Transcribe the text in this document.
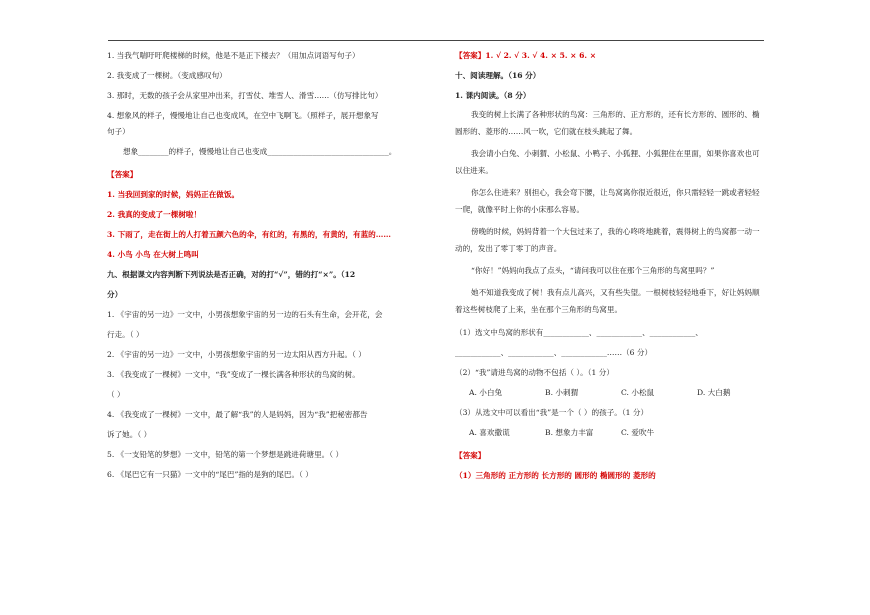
1. 当我气喘吁吁爬楼梯的时候，他是不是正下楼去？（用加点词语写句子）

2. 我变成了一棵树。（变成感叹句）

3. 那时，无数的孩子会从家里冲出来，打雪仗、堆雪人、滑雪……（仿写排比句）

4. 想象风的样子，慢慢地让自己也变成风，在空中飞啊飞。（照样子，展开想象写

句子）

想象________的样子，慢慢地让自己也变成________________________________。

【答案】

1. 当我回到家的时候，妈妈正在做饭。

2. 我真的变成了一棵树啦！

3. 下雨了，走在街上的人打着五颜六色的伞，有红的，有黑的，有黄的，有蓝的……

4. 小鸟 小鸟 在大树上鸣叫

九、根据课文内容判断下列说法是否正确，对的打“√”，错的打“×”。（12

分）

1. 《宇宙的另一边》一文中，小男孩想象宇宙的另一边的石头有生命，会开花，会

行走。（ ）

2. 《宇宙的另一边》一文中，小男孩想象宇宙的另一边太阳从西方升起。（ ）

3. 《我变成了一棵树》一文中，“我”变成了一棵长满各种形状的鸟窝的树。

（ ）

4. 《我变成了一棵树》一文中，最了解“我”的人是妈妈，因为“我”把秘密都告

诉了她。（ ）

5. 《一支铅笔的梦想》一文中，铅笔的第一个梦想是跳进荷塘里。（ ）

6. 《尾巴它有一只猫》一文中的“尾巴”指的是狗的尾巴。（ ）

【答案】1. √ 2. √ 3. √ 4. × 5. × 6. ×

十、阅读理解。（16 分）

1. 课内阅读。（8 分）

我变的树上长满了各种形状的鸟窝：三角形的、正方形的，还有长方形的、圆形的、椭圆形的、菱形的……风一吹，它们就在枝头跳起了舞。

我会请小白兔、小刺猬、小松鼠、小鸭子、小狐狸、小狐狸住在里面，如果你喜欢也可以住进来。

你怎么住进来？别担心，我会弯下腰，让鸟窝离你很近很近，你只需轻轻一跳或者轻轻一爬，就像平时上你的小床那么容易。

傍晚的时候，妈妈背着一个大包过来了，我的心咚咚地跳着，震得树上的鸟窝都一动一动的，发出了零丁零丁的声音。

“你好！”妈妈向我点了点头，“请问我可以住在那个三角形的鸟窝里吗？”

她不知道我变成了树！我有点儿高兴，又有些失望。一根树枝轻轻地垂下，好让妈妈顺着这些树枝爬了上来，坐在那个三角形的鸟窝里。

（1）选文中鸟窝的形状有____________、____________、____________、

____________、____________、____________……（6 分）

（2）“我”请进鸟窝的动物不包括（ ）。（1 分）

A. 小白兔	B. 小刺猬	C. 小松鼠	D. 大白鹅

（3）从选文中可以看出“我”是一个（ ）的孩子。（1 分）

A. 喜欢撒谎	B. 想象力丰富	C. 爱吹牛

【答案】

（1）三角形的 正方形的 长方形的 圆形的 椭圆形的 菱形的
